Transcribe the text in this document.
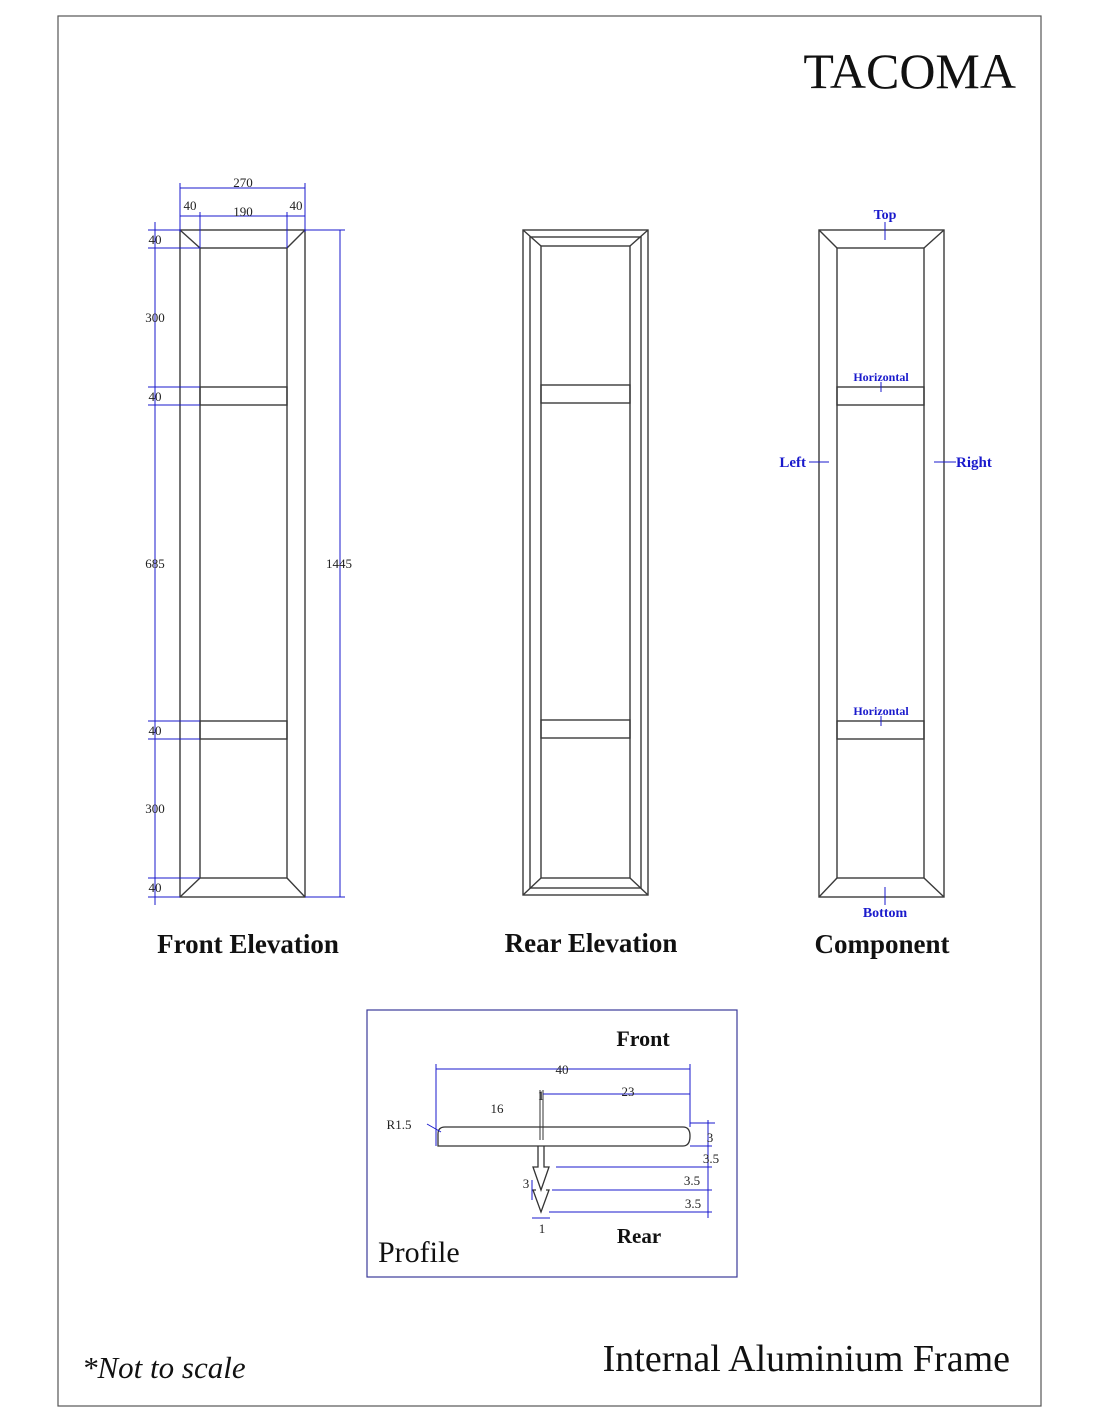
TACOMA
270
40	190	40
1445
40
300
40
685
40
300
40
Front Elevation	Rear Elevation
Top
Horizontal
Horizontal
Left	Right
Bottom
Component
Front
Rear
Profile
40
23
16
1
R1.5
3
3.5
3.5
3.5
3
1
*Not to scale	Internal Aluminium Frame
